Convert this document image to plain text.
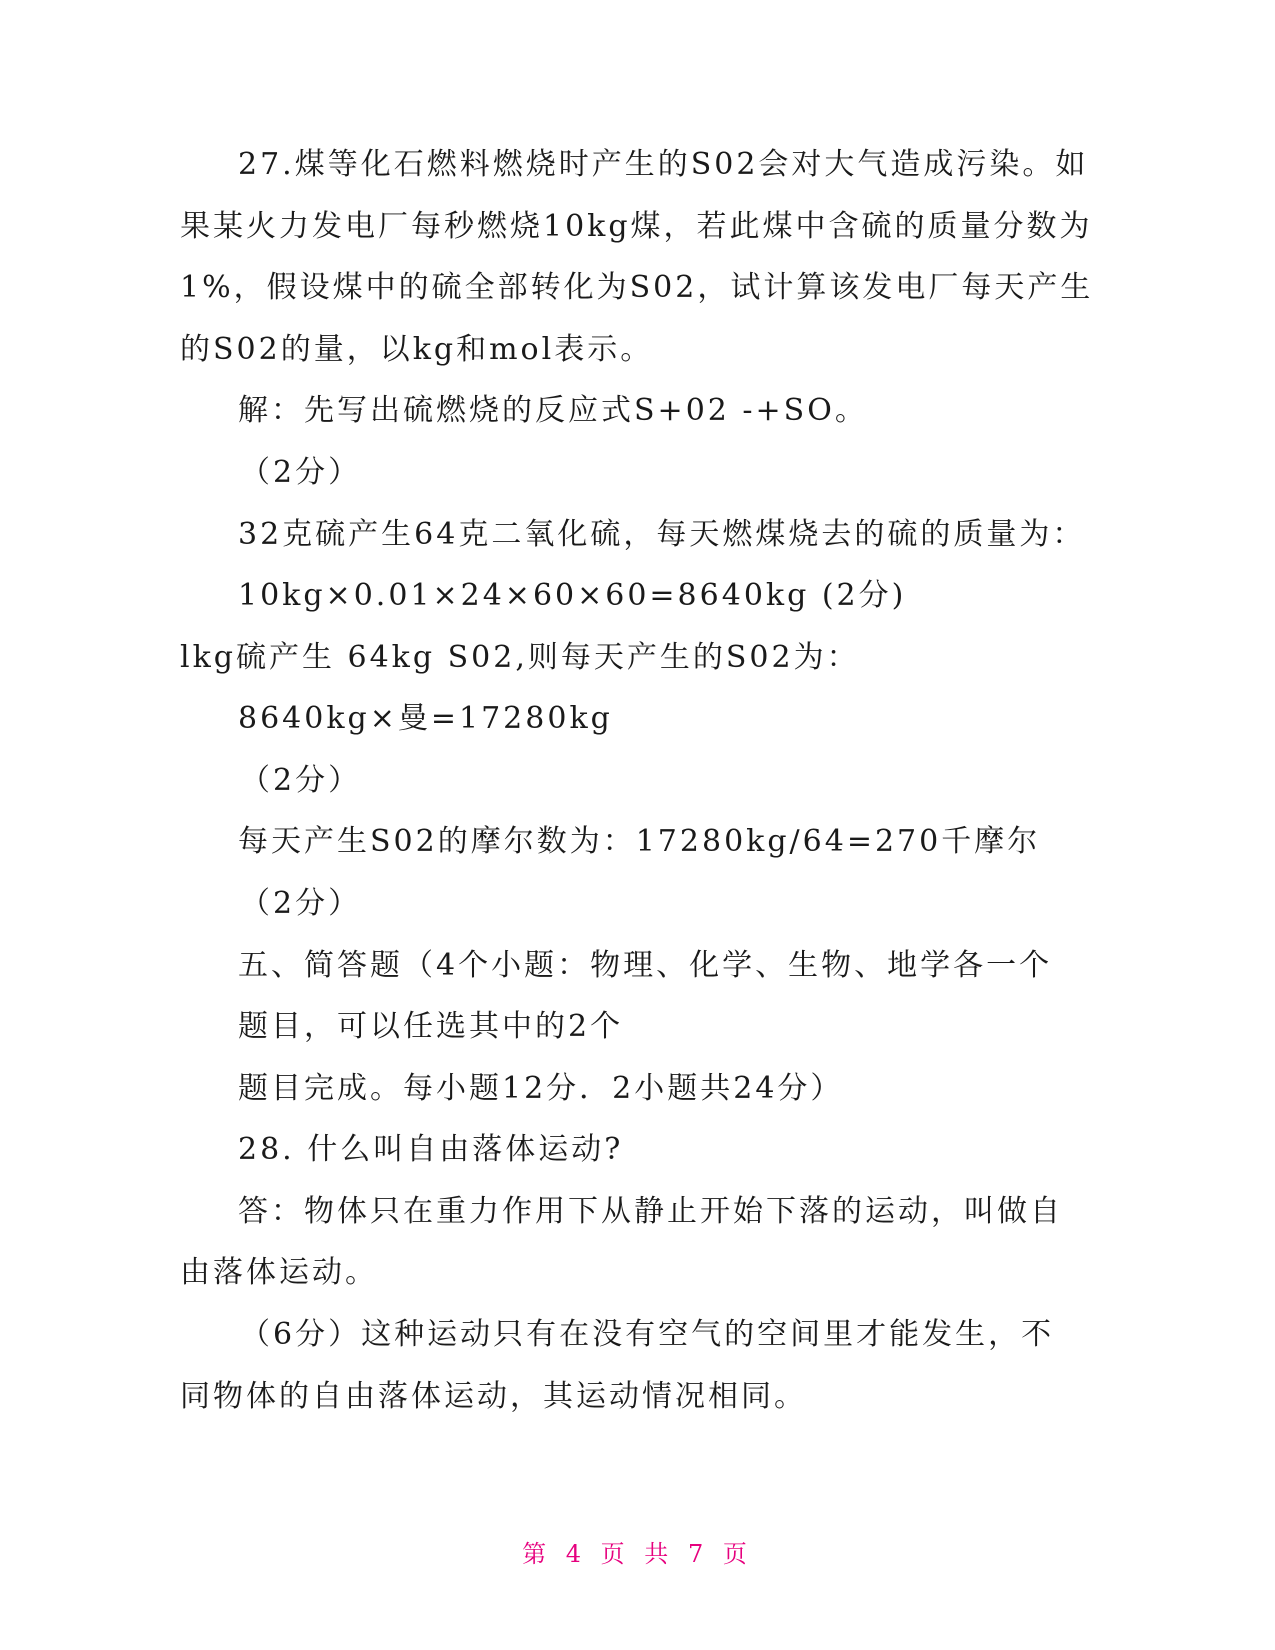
27.煤等化石燃料燃烧时产生的S02会对大气造成污染。如
果某火力发电厂每秒燃烧10kg煤，若此煤中含硫的质量分数为
1%，假设煤中的硫全部转化为S02，试计算该发电厂每天产生
的S02的量，以kg和mol表示。
解：先写出硫燃烧的反应式S+02 -+SO。
（2分）
32克硫产生64克二氧化硫，每天燃煤烧去的硫的质量为：
10kg×0.01×24×60×60=8640kg (2分)
lkg硫产生 64kg S02,则每天产生的S02为：
8640kg×曼=17280kg
（2分）
每天产生S02的摩尔数为：17280kg/64=270千摩尔
（2分）
五、简答题（4个小题：物理、化学、生物、地学各一个
题目，可以任选其中的2个
题目完成。每小题12分．2小题共24分）
28. 什么叫自由落体运动?
答：物体只在重力作用下从静止开始下落的运动，叫做自
由落体运动。
（6分）这种运动只有在没有空气的空间里才能发生，不
同物体的自由落体运动，其运动情况相同。
第 4 页 共 7 页
